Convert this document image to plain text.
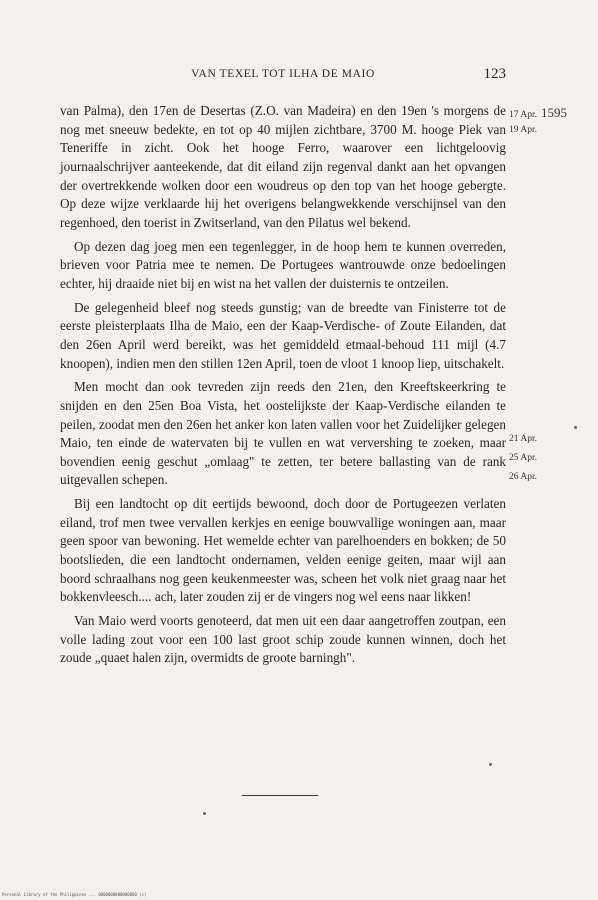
VAN TEXEL TOT ILHA DE MAIO	123

van Palma), den 17en de Desertas (Z.O. van Madeira) en den 19en 's morgens de nog met sneeuw bedekte, en tot op 40 mijlen zichtbare, 3700 M. hooge Piek van Teneriffe in zicht. Ook het hooge Ferro, waarover een lichtgeloovig journaalschrijver aanteekende, dat dit eiland zijn regenval dankt aan het opvangen der overtrekkende wolken door een woudreus op den top van het hooge gebergte. Op deze wijze verklaarde hij het overigens belangwekkende verschijnsel van den regenhoed, den toerist in Zwitserland, van den Pilatus wel bekend.

Op dezen dag joeg men een tegenlegger, in de hoop hem te kunnen overreden, brieven voor Patria mee te nemen. De Portugees wantrouwde onze bedoelingen echter, hij draaide niet bij en wist na het vallen der duisternis te ontzeilen.

De gelegenheid bleef nog steeds gunstig; van de breedte van Finisterre tot de eerste pleisterplaats Ilha de Maio, een der Kaap-Verdische- of Zoute Eilanden, dat den 26en April werd bereikt, was het gemiddeld etmaal-behoud 111 mijl (4.7 knoopen), indien men den stillen 12en April, toen de vloot 1 knoop liep, uitschakelt.

Men mocht dan ook tevreden zijn reeds den 21en, den Kreeftskeerkring te snijden en den 25en Boa Vista, het oostelijkste der Kaap-Verdische eilanden te peilen, zoodat men den 26en het anker kon laten vallen voor het Zuidelijker gelegen Maio, ten einde de watervaten bij te vullen en wat ververshing te zoeken, maar bovendien eenig geschut „omlaag" te zetten, ter betere ballasting van de rank uitgevallen schepen.

Bij een landtocht op dit eertijds bewoond, doch door de Portugeezen verlaten eiland, trof men twee vervallen kerkjes en eenige bouwvallige woningen aan, maar geen spoor van bewoning. Het wemelde echter van parelhoenders en bokken; de 50 bootslieden, die een landtocht ondernamen, velden eenige geiten, maar wijl aan boord schraalhans nog geen keukenmeester was, scheen het volk niet graag naar het bokkenvleesch.... ach, later zouden zij er de vingers nog wel eens naar likken!

Van Maio werd voorts genoteerd, dat men uit een daar aangetroffen zoutpan, een volle lading zout voor een 100 last groot schip zoude kunnen winnen, doch het zoude „quaet halen zijn, overmidts de groote barningh".

17 Apr. 1595
19 Apr.
21 Apr.
25 Apr.
26 Apr.
Personal Library of the Philippines ... 0000000000000000 (c)
